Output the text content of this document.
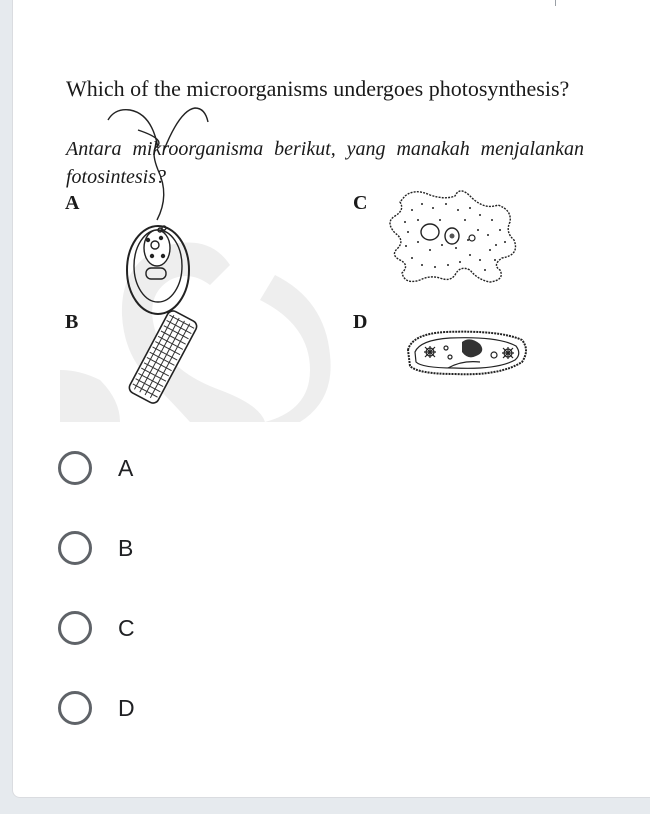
Which of the microorganisms undergoes photosynthesis?
Antara mikroorganisma berikut, yang manakah menjalankan fotosintesis?
A
B
C
D
A
B
C
D
